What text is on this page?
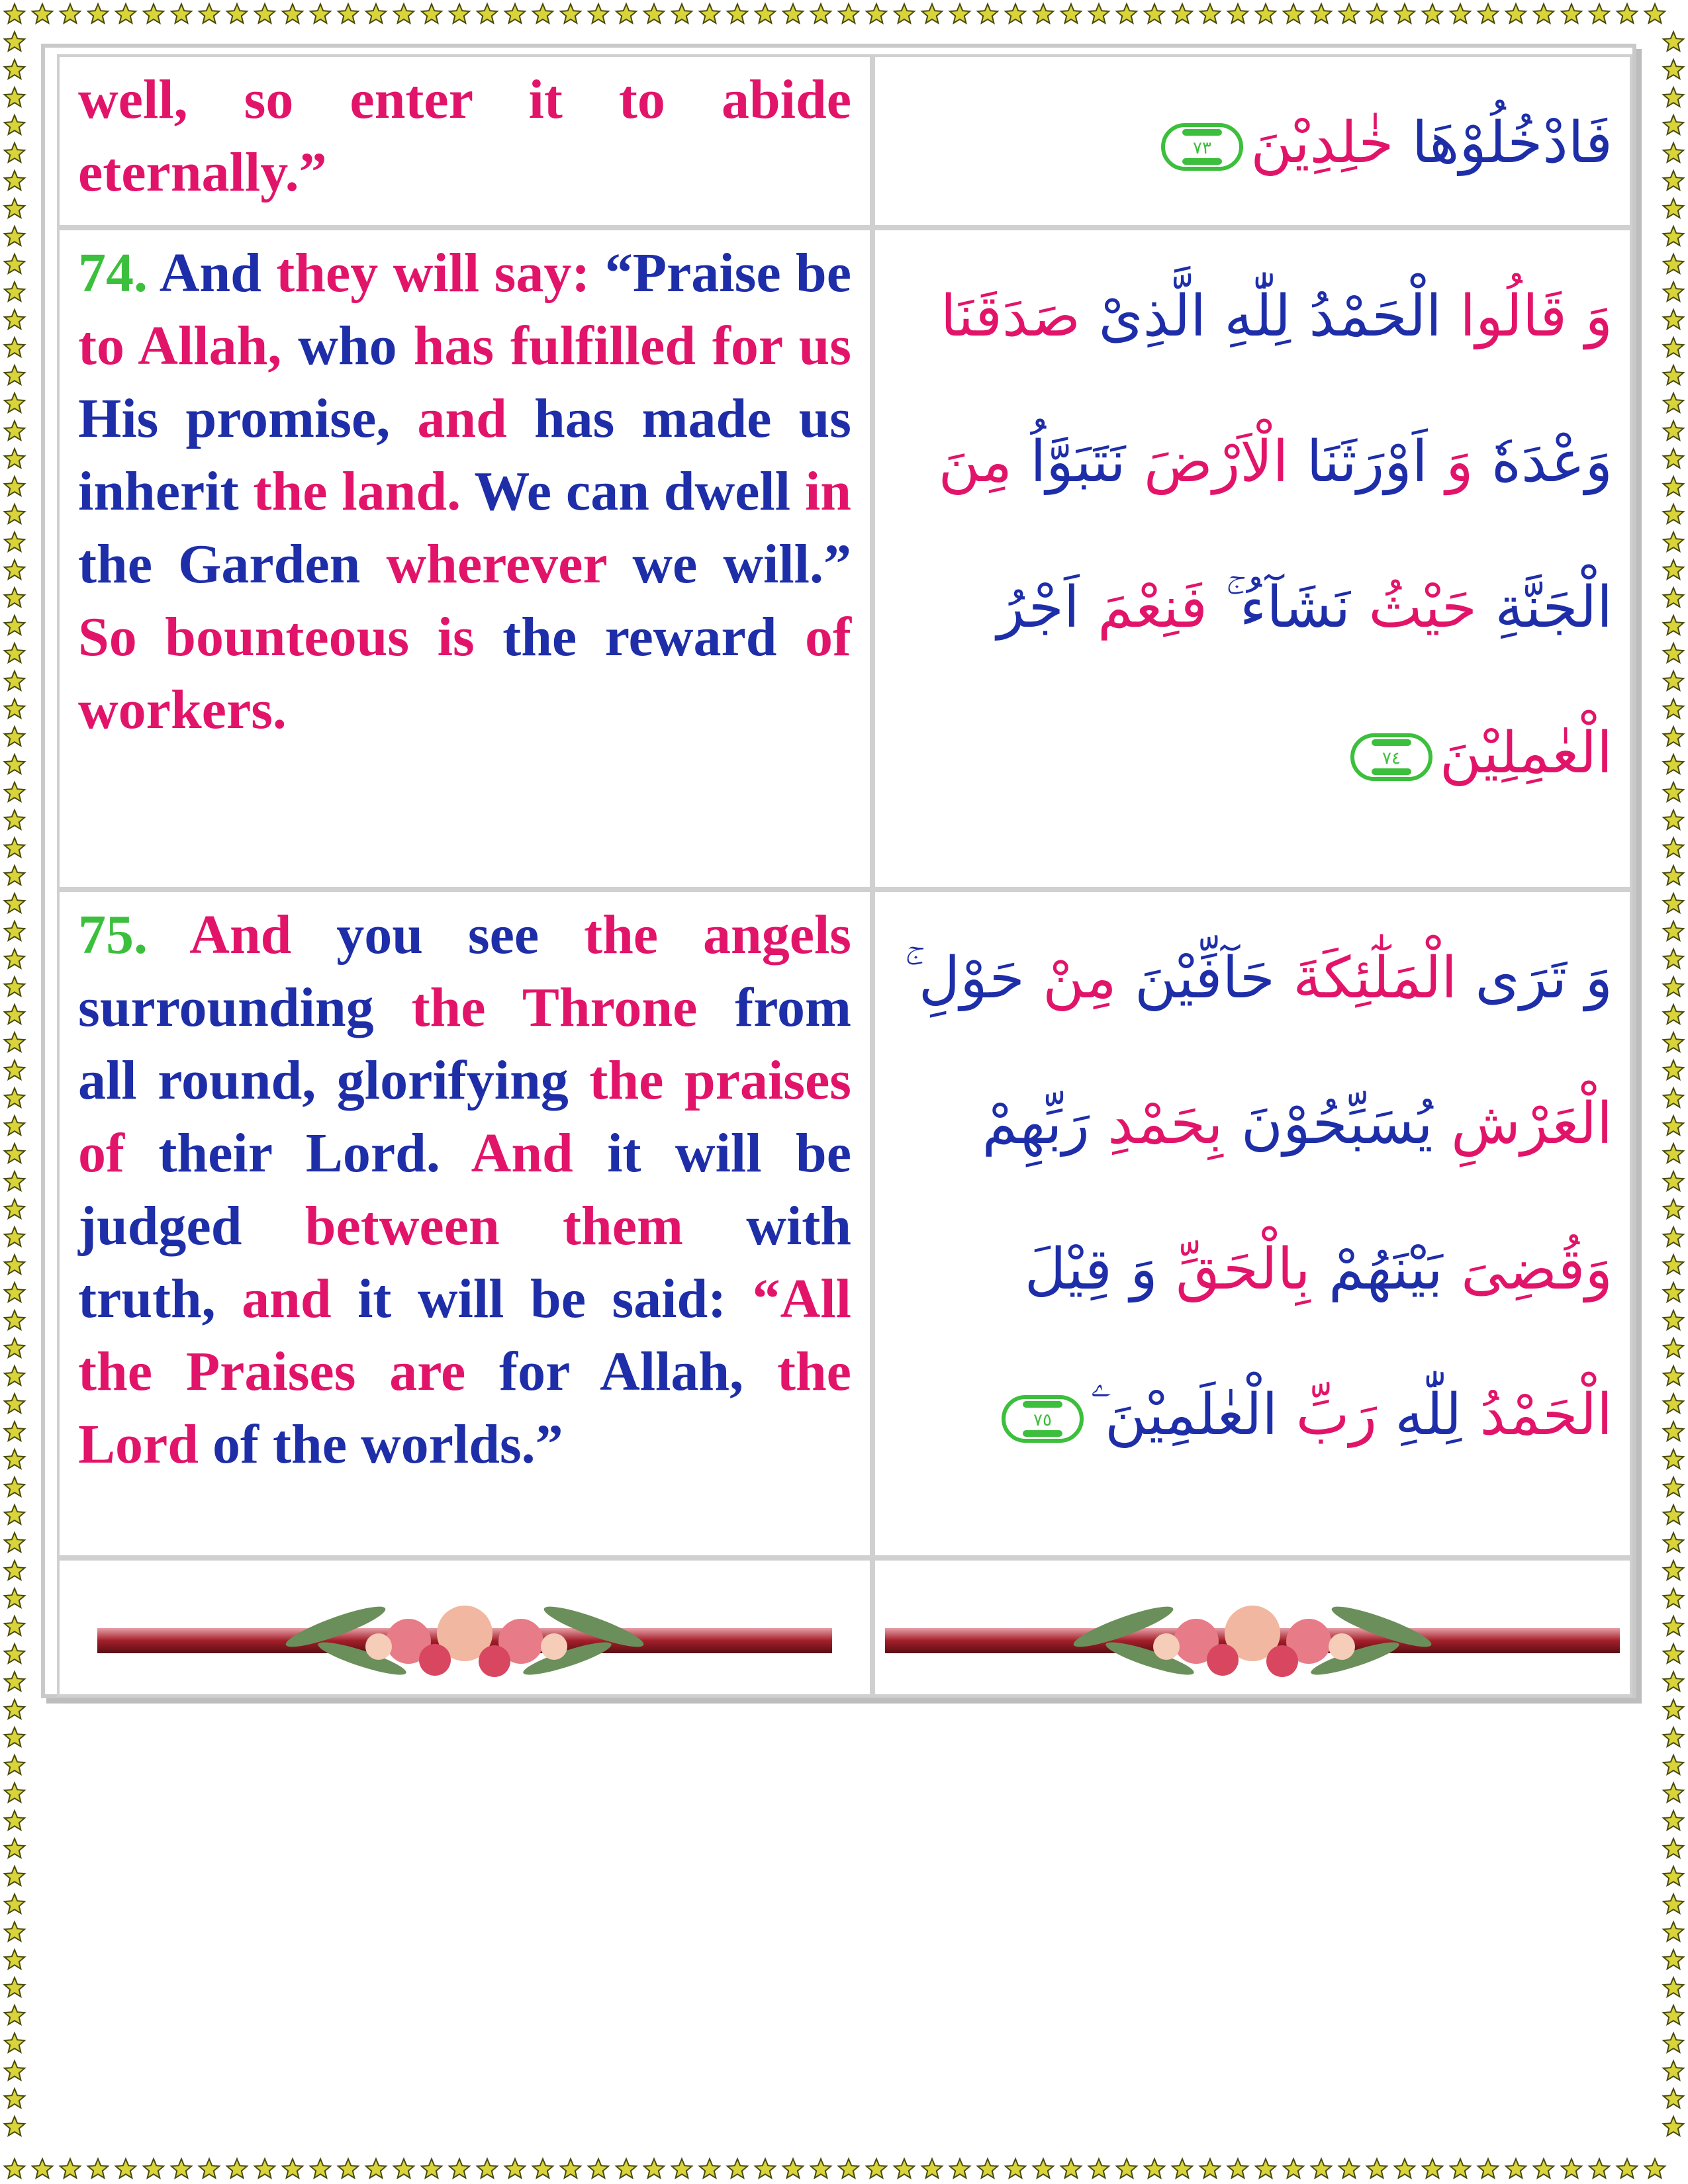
well, so enter it to abide eternally.”	فَادْخُلُوْهَا خٰلِدِيْنَ
٧٣

74. And they will say: “Praise be to Allah, who has fulfilled for us His promise, and has made us inherit the land. We can dwell in the Garden wherever we will.” So bounteous is the reward of workers.	وَ قَالُوا الْحَمْدُ لِلّٰهِ الَّذِىْ صَدَقَنَا وَعْدَهٗ وَ اَوْرَثَنَا الْاَرْضَ نَتَبَوَّاُ مِنَ الْجَنَّةِ حَيْثُ نَشَآءُ ۚ فَنِعْمَ اَجْرُ الْعٰمِلِيْنَ
٧٤

75. And you see the angels surrounding the Throne from all round, glorifying the praises of their Lord. And it will be judged between them with truth, and it will be said: “All the Praises are for Allah, the Lord of the worlds.”	وَ تَرَى الْمَلٰٓئِكَةَ حَآفِّيْنَ مِنْ حَوْلِ ۚ الْعَرْشِ يُسَبِّحُوْنَ بِحَمْدِ رَبِّهِمْ وَقُضِىَ بَيْنَهُمْ بِالْحَقِّ وَ قِيْلَ الْحَمْدُ لِلّٰهِ رَبِّ الْعٰلَمِيْنَ ۧ
٧٥
